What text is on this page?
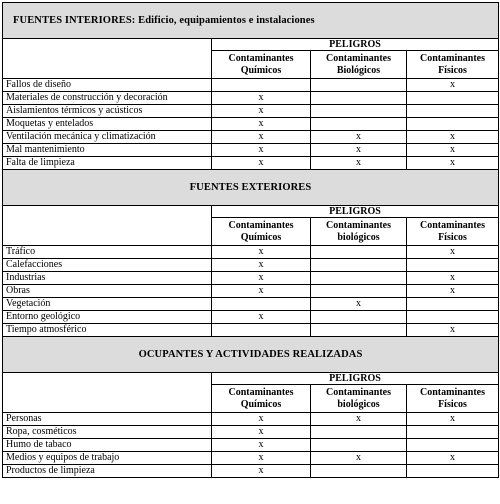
FUENTES INTERIORES: Edificio, equipamientos e instalaciones			
	PELIGROS		
	Contaminantes Químicos	Contaminantes Biológicos	Contaminantes Físicos
Fallos de diseño			x
Materiales de construcción y decoración	x		
Aislamientos térmicos y acústicos	x		
Moquetas y entelados	x		
Ventilación mecánica y climatización	x	x	x
Mal mantenimiento	x	x	x
Falta de limpieza	x	x	x
FUENTES EXTERIORES			
	PELIGROS		
	Contaminantes Químicos	Contaminantes biológicos	Contaminantes Físicos
Tráfico	x		x
Calefacciones	x		
Industrias	x		x
Obras	x		x
Vegetación		x	
Entorno geológico	x		
Tiempo atmosférico			x
OCUPANTES Y ACTIVIDADES REALIZADAS			
	PELIGROS		
	Contaminantes Químicos	Contaminantes biológicos	Contaminantes Físicos
Personas	x	x	x
Ropa, cosméticos	x		
Humo de tabaco	x		
Medios y equipos de trabajo	x	x	x
Productos de limpieza	x		
